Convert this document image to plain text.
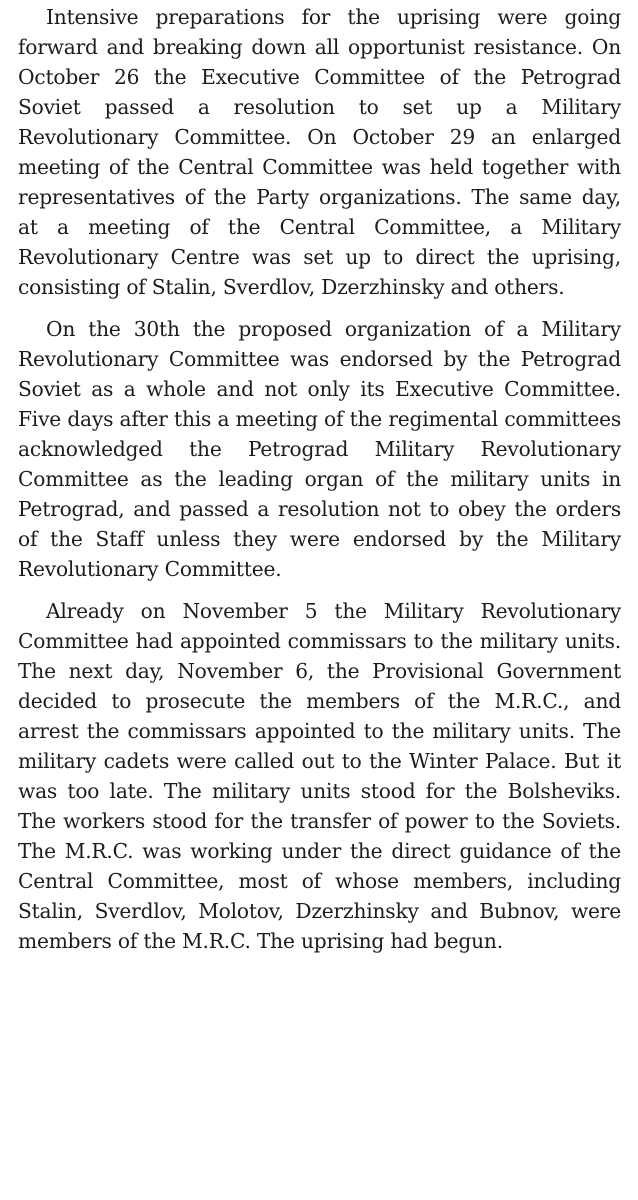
Intensive preparations for the uprising were going forward and breaking down all opportunist resistance. On October 26 the Executive Committee of the Petrograd Soviet passed a resolution to set up a Military Revolutionary Committee. On October 29 an enlarged meeting of the Central Committee was held together with representatives of the Party organizations. The same day, at a meeting of the Central Committee, a Military Revolutionary Centre was set up to direct the uprising, consisting of Stalin, Sverdlov, Dzerzhinsky and others.

On the 30th the proposed organization of a Military Revolutionary Committee was endorsed by the Petrograd Soviet as a whole and not only its Executive Committee. Five days after this a meeting of the regimental committees acknowledged the Petrograd Military Revolutionary Committee as the leading organ of the military units in Petrograd, and passed a resolution not to obey the orders of the Staff unless they were endorsed by the Military Revolutionary Committee.

Already on November 5 the Military Revolutionary Committee had appointed commissars to the military units. The next day, November 6, the Provisional Government decided to prosecute the members of the M.R.C., and arrest the commissars appointed to the military units. The military cadets were called out to the Winter Palace. But it was too late. The military units stood for the Bolsheviks. The workers stood for the transfer of power to the Soviets. The M.R.C. was working under the direct guidance of the Central Committee, most of whose members, including Stalin, Sverdlov, Molotov, Dzerzhinsky and Bubnov, were members of the M.R.C. The uprising had begun.
